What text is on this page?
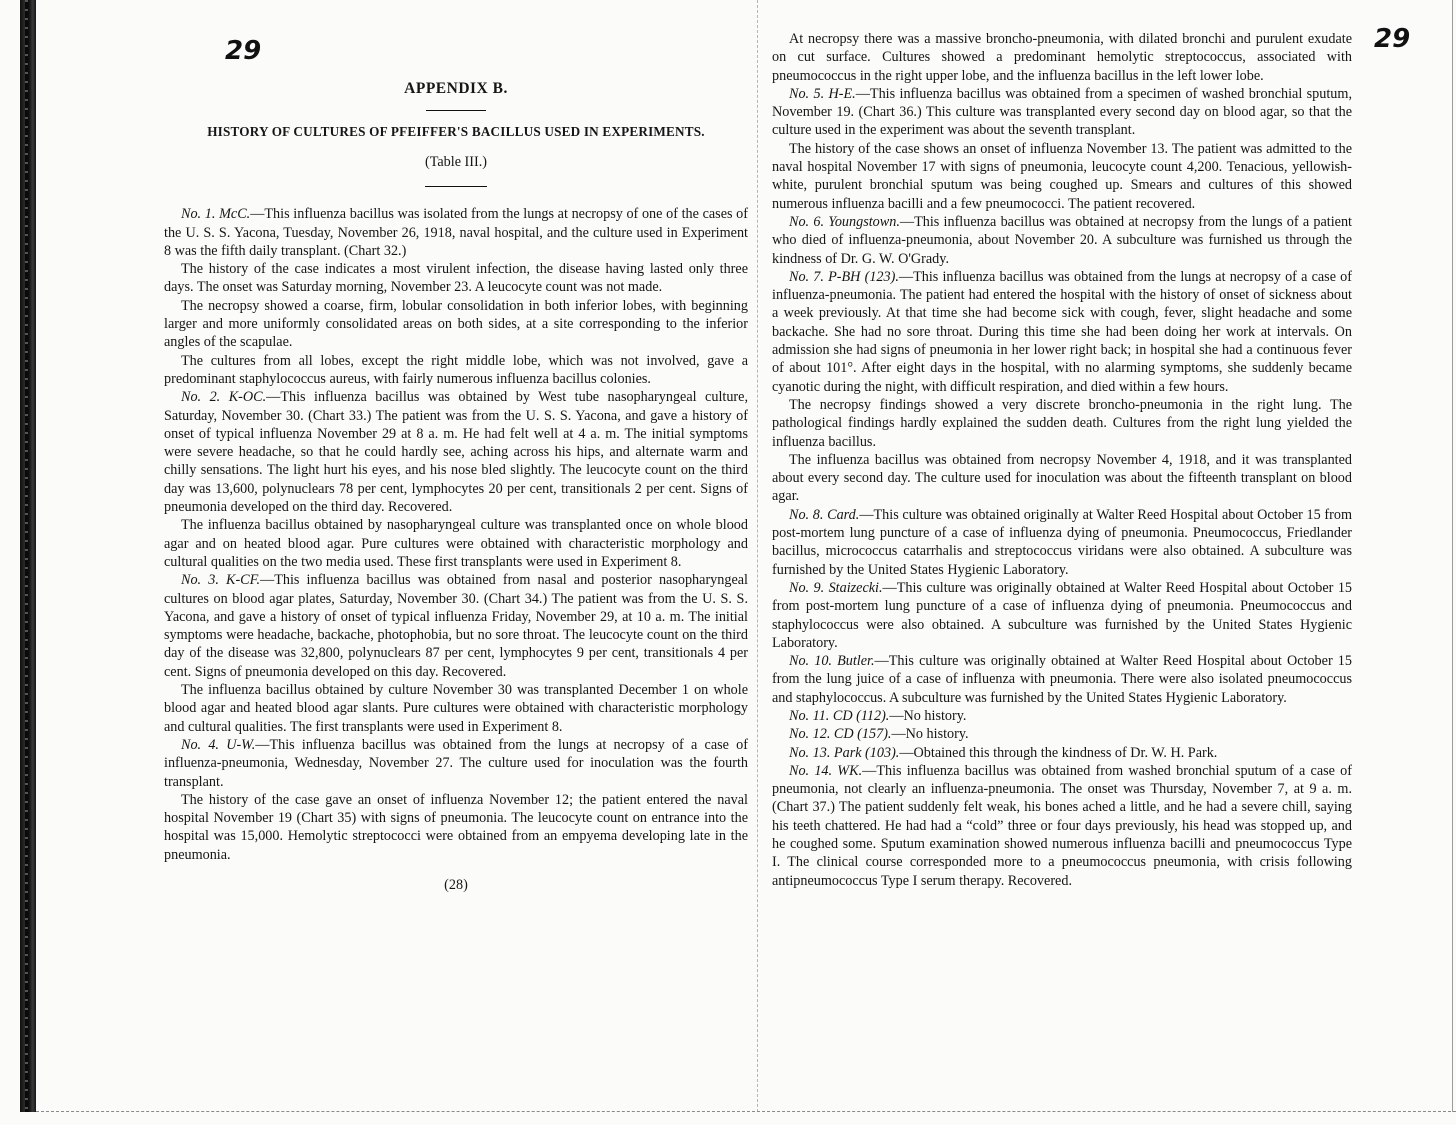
29	29
APPENDIX B.
HISTORY OF CULTURES OF PFEIFFER'S BACILLUS USED IN EXPERIMENTS.
(Table III.)

No. 1. McC.—This influenza bacillus was isolated from the lungs at necropsy of one of the cases of the U. S. S. Yacona, Tuesday, November 26, 1918, naval hospital, and the culture used in Experiment 8 was the fifth daily transplant. (Chart 32.)

The history of the case indicates a most virulent infection, the disease having lasted only three days. The onset was Saturday morning, November 23. A leucocyte count was not made.

The necropsy showed a coarse, firm, lobular consolidation in both inferior lobes, with beginning larger and more uniformly consolidated areas on both sides, at a site corresponding to the inferior angles of the scapulae.

The cultures from all lobes, except the right middle lobe, which was not involved, gave a predominant staphylococcus aureus, with fairly numerous influenza bacillus colonies.

No. 2. K-OC.—This influenza bacillus was obtained by West tube nasopharyngeal culture, Saturday, November 30. (Chart 33.) The patient was from the U. S. S. Yacona, and gave a history of onset of typical influenza November 29 at 8 a. m. He had felt well at 4 a. m. The initial symptoms were severe headache, so that he could hardly see, aching across his hips, and alternate warm and chilly sensations. The light hurt his eyes, and his nose bled slightly. The leucocyte count on the third day was 13,600, polynuclears 78 per cent, lymphocytes 20 per cent, transitionals 2 per cent. Signs of pneumonia developed on the third day. Recovered.

The influenza bacillus obtained by nasopharyngeal culture was transplanted once on whole blood agar and on heated blood agar. Pure cultures were obtained with characteristic morphology and cultural qualities on the two media used. These first transplants were used in Experiment 8.

No. 3. K-CF.—This influenza bacillus was obtained from nasal and posterior nasopharyngeal cultures on blood agar plates, Saturday, November 30. (Chart 34.) The patient was from the U. S. S. Yacona, and gave a history of onset of typical influenza Friday, November 29, at 10 a. m. The initial symptoms were headache, backache, photophobia, but no sore throat. The leucocyte count on the third day of the disease was 32,800, polynuclears 87 per cent, lymphocytes 9 per cent, transitionals 4 per cent. Signs of pneumonia developed on this day. Recovered.

The influenza bacillus obtained by culture November 30 was transplanted December 1 on whole blood agar and heated blood agar slants. Pure cultures were obtained with characteristic morphology and cultural qualities. The first transplants were used in Experiment 8.

No. 4. U-W.—This influenza bacillus was obtained from the lungs at necropsy of a case of influenza-pneumonia, Wednesday, November 27. The culture used for inoculation was the fourth transplant.

The history of the case gave an onset of influenza November 12; the patient entered the naval hospital November 19 (Chart 35) with signs of pneumonia. The leucocyte count on entrance into the hospital was 15,000. Hemolytic streptococci were obtained from an empyema developing late in the pneumonia.

(28)

At necropsy there was a massive broncho-pneumonia, with dilated bronchi and purulent exudate on cut surface. Cultures showed a predominant hemolytic streptococcus, associated with pneumococcus in the right upper lobe, and the influenza bacillus in the left lower lobe.

No. 5. H-E.—This influenza bacillus was obtained from a specimen of washed bronchial sputum, November 19. (Chart 36.) This culture was transplanted every second day on blood agar, so that the culture used in the experiment was about the seventh transplant.

The history of the case shows an onset of influenza November 13. The patient was admitted to the naval hospital November 17 with signs of pneumonia, leucocyte count 4,200. Tenacious, yellowish-white, purulent bronchial sputum was being coughed up. Smears and cultures of this showed numerous influenza bacilli and a few pneumococci. The patient recovered.

No. 6. Youngstown.—This influenza bacillus was obtained at necropsy from the lungs of a patient who died of influenza-pneumonia, about November 20. A subculture was furnished us through the kindness of Dr. G. W. O'Grady.

No. 7. P-BH (123).—This influenza bacillus was obtained from the lungs at necropsy of a case of influenza-pneumonia. The patient had entered the hospital with the history of onset of sickness about a week previously. At that time she had become sick with cough, fever, slight headache and some backache. She had no sore throat. During this time she had been doing her work at intervals. On admission she had signs of pneumonia in her lower right back; in hospital she had a continuous fever of about 101°. After eight days in the hospital, with no alarming symptoms, she suddenly became cyanotic during the night, with difficult respiration, and died within a few hours.

The necropsy findings showed a very discrete broncho-pneumonia in the right lung. The pathological findings hardly explained the sudden death. Cultures from the right lung yielded the influenza bacillus.

The influenza bacillus was obtained from necropsy November 4, 1918, and it was transplanted about every second day. The culture used for inoculation was about the fifteenth transplant on blood agar.

No. 8. Card.—This culture was obtained originally at Walter Reed Hospital about October 15 from post-mortem lung puncture of a case of influenza dying of pneumonia. Pneumococcus, Friedlander bacillus, micrococcus catarrhalis and streptococcus viridans were also obtained. A subculture was furnished by the United States Hygienic Laboratory.

No. 9. Staizecki.—This culture was originally obtained at Walter Reed Hospital about October 15 from post-mortem lung puncture of a case of influenza dying of pneumonia. Pneumococcus and staphylococcus were also obtained. A subculture was furnished by the United States Hygienic Laboratory.

No. 10. Butler.—This culture was originally obtained at Walter Reed Hospital about October 15 from the lung juice of a case of influenza with pneumonia. There were also isolated pneumococcus and staphylococcus. A subculture was furnished by the United States Hygienic Laboratory.

No. 11. CD (112).—No history.

No. 12. CD (157).—No history.

No. 13. Park (103).—Obtained this through the kindness of Dr. W. H. Park.

No. 14. WK.—This influenza bacillus was obtained from washed bronchial sputum of a case of pneumonia, not clearly an influenza-pneumonia. The onset was Thursday, November 7, at 9 a. m. (Chart 37.) The patient suddenly felt weak, his bones ached a little, and he had a severe chill, saying his teeth chattered. He had had a “cold” three or four days previously, his head was stopped up, and he coughed some. Sputum examination showed numerous influenza bacilli and pneumococcus Type I. The clinical course corresponded more to a pneumococcus pneumonia, with crisis following antipneumococcus Type I serum therapy. Recovered.
